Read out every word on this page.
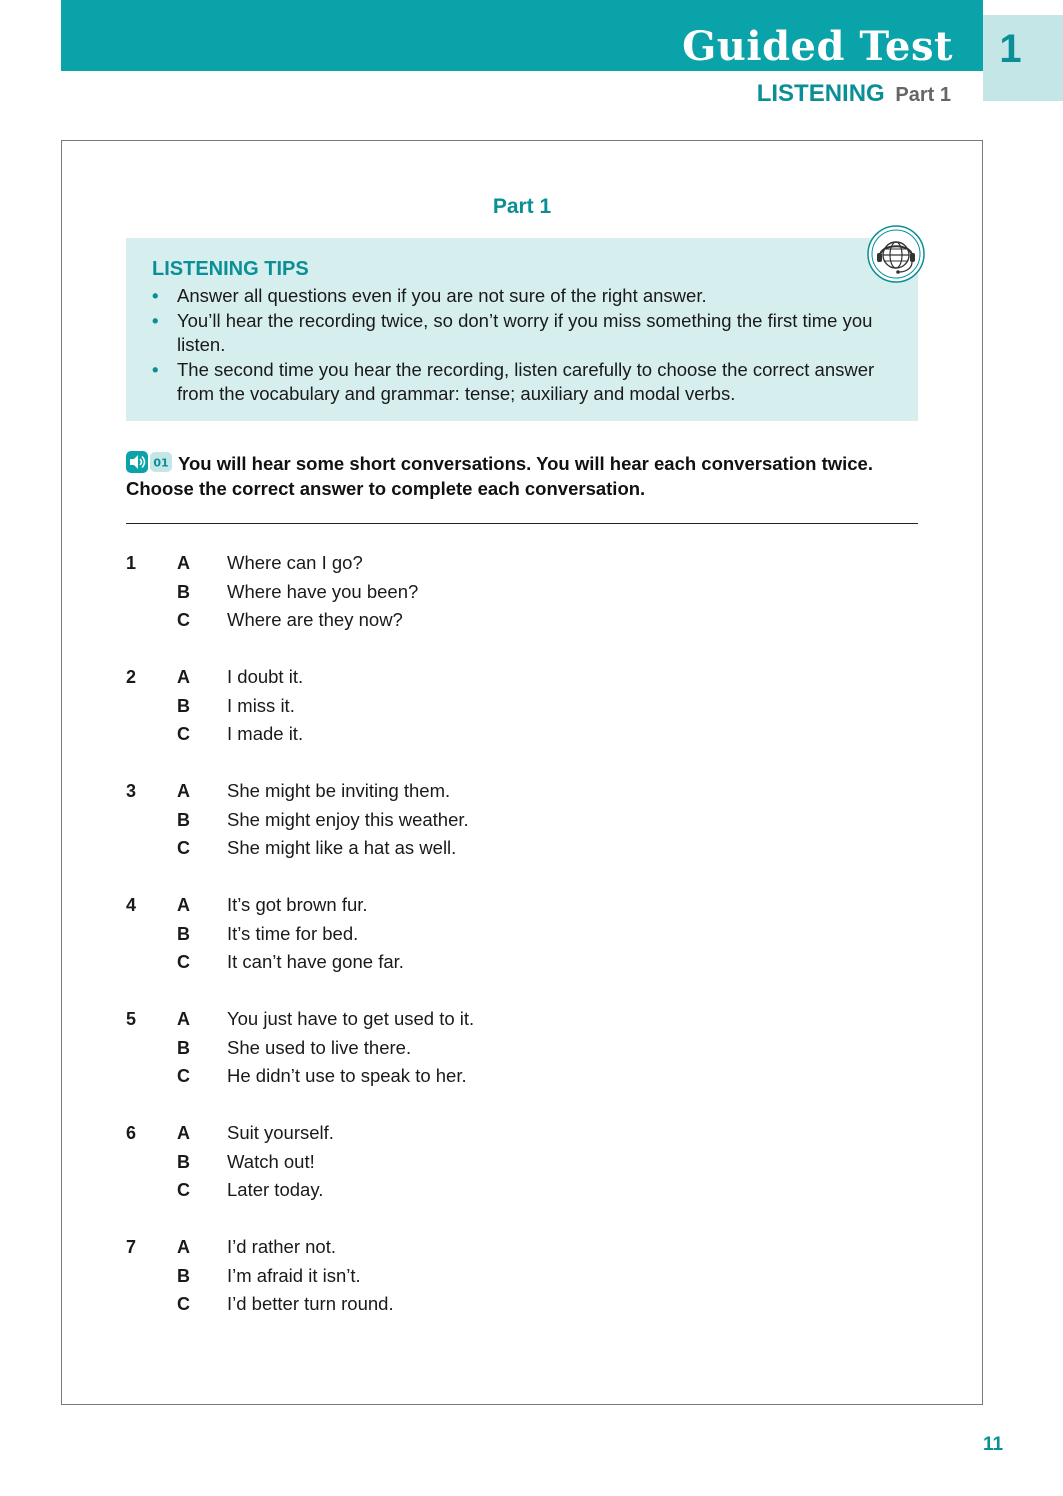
Guided Test	1
LISTENING Part 1
Part 1
LISTENING TIPS
• Answer all questions even if you are not sure of the right answer.
• You’ll hear the recording twice, so don’t worry if you miss something the first time you listen.
• The second time you hear the recording, listen carefully to choose the correct answer from the vocabulary and grammar: tense; auxiliary and modal verbs.
01 You will hear some short conversations. You will hear each conversation twice. Choose the correct answer to complete each conversation.
1 A Where can I go?
B Where have you been?
C Where are they now?
2 A I doubt it.
B I miss it.
C I made it.
3 A She might be inviting them.
B She might enjoy this weather.
C She might like a hat as well.
4 A It’s got brown fur.
B It’s time for bed.
C It can’t have gone far.
5 A You just have to get used to it.
B She used to live there.
C He didn’t use to speak to her.
6 A Suit yourself.
B Watch out!
C Later today.
7 A I’d rather not.
B I’m afraid it isn’t.
C I’d better turn round.
11
